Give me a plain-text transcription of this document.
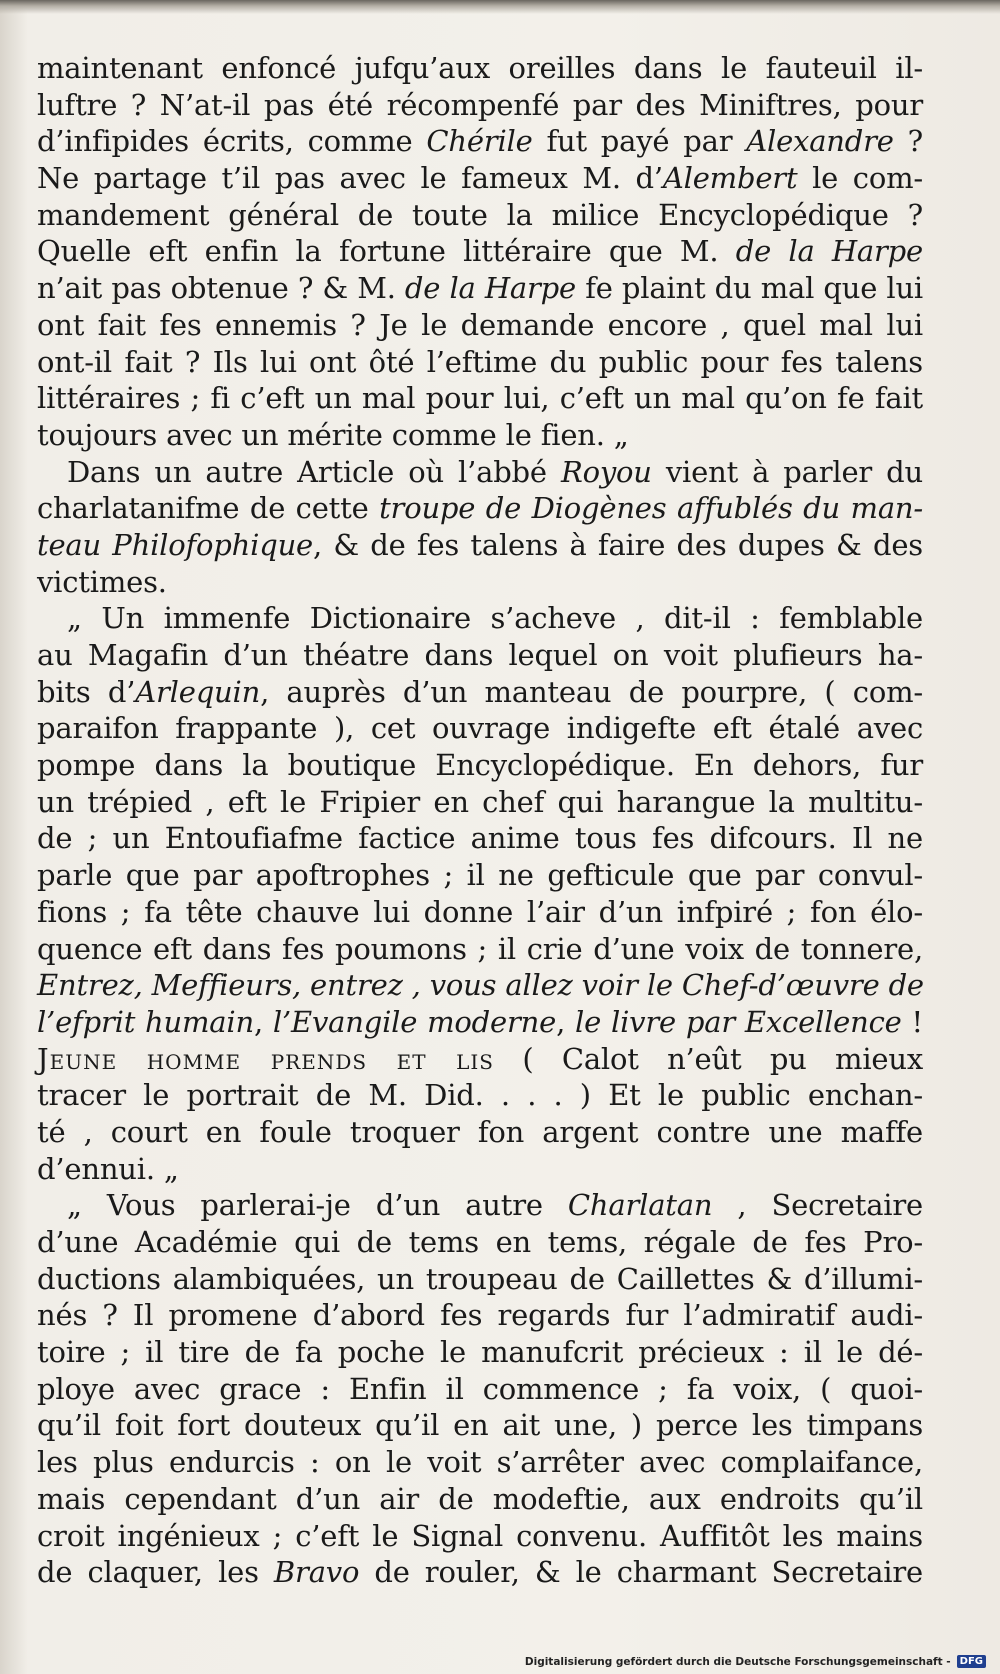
maintenant enfoncé jufqu’aux oreilles dans le fauteuil il-
luftre ? N’at-il pas été récompenfé par des Miniftres, pour
d’infipides écrits, comme Chérile fut payé par Alexandre ?
Ne partage t’il pas avec le fameux M. d’Alembert le com-
mandement général de toute la milice Encyclopédique ?
Quelle eft enfin la fortune littéraire que M. de la Harpe
n’ait pas obtenue ? & M. de la Harpe fe plaint du mal que lui
ont fait fes ennemis ? Je le demande encore , quel mal lui
ont-il fait ? Ils lui ont ôté l’eftime du public pour fes talens
littéraires ; fi c’eft un mal pour lui, c’eft un mal qu’on fe fait
toujours avec un mérite comme le fien. „
Dans un autre Article où l’abbé Royou vient à parler du
charlatanifme de cette troupe de Diogènes affublés du man-
teau Philofophique, & de fes talens à faire des dupes & des
victimes.
„ Un immenfe Dictionaire s’acheve , dit-il : femblable
au Magafin d’un théatre dans lequel on voit plufieurs ha-
bits d’Arlequin, auprès d’un manteau de pourpre, ( com-
paraifon frappante ), cet ouvrage indigefte eft étalé avec
pompe dans la boutique Encyclopédique. En dehors, fur
un trépied , eft le Fripier en chef qui harangue la multitu-
de ; un Entoufiafme factice anime tous fes difcours. Il ne
parle que par apoftrophes ; il ne gefticule que par convul-
fions ; fa tête chauve lui donne l’air d’un infpiré ; fon élo-
quence eft dans fes poumons ; il crie d’une voix de tonnere,
Entrez, Meffieurs, entrez , vous allez voir le Chef-d’œuvre de
l’efprit humain, l’Evangile moderne, le livre par Excellence !
Jeune homme prends et lis ( Calot n’eût pu mieux
tracer le portrait de M. Did. . . . ) Et le public enchan-
té , court en foule troquer fon argent contre une maffe
d’ennui. „
„ Vous parlerai-je d’un autre Charlatan , Secretaire
d’une Académie qui de tems en tems, régale de fes Pro-
ductions alambiquées, un troupeau de Caillettes & d’illumi-
nés ? Il promene d’abord fes regards fur l’admiratif audi-
toire ; il tire de fa poche le manufcrit précieux : il le dé-
ploye avec grace : Enfin il commence ; fa voix, ( quoi-
qu’il foit fort douteux qu’il en ait une, ) perce les timpans
les plus endurcis : on le voit s’arrêter avec complaifance,
mais cependant d’un air de modeftie, aux endroits qu’il
croit ingénieux ; c’eft le Signal convenu. Auffitôt les mains
de claquer, les Bravo de rouler, & le charmant Secretaire
Digitalisierung gefördert durch die Deutsche Forschungsgemeinschaft - DFG
